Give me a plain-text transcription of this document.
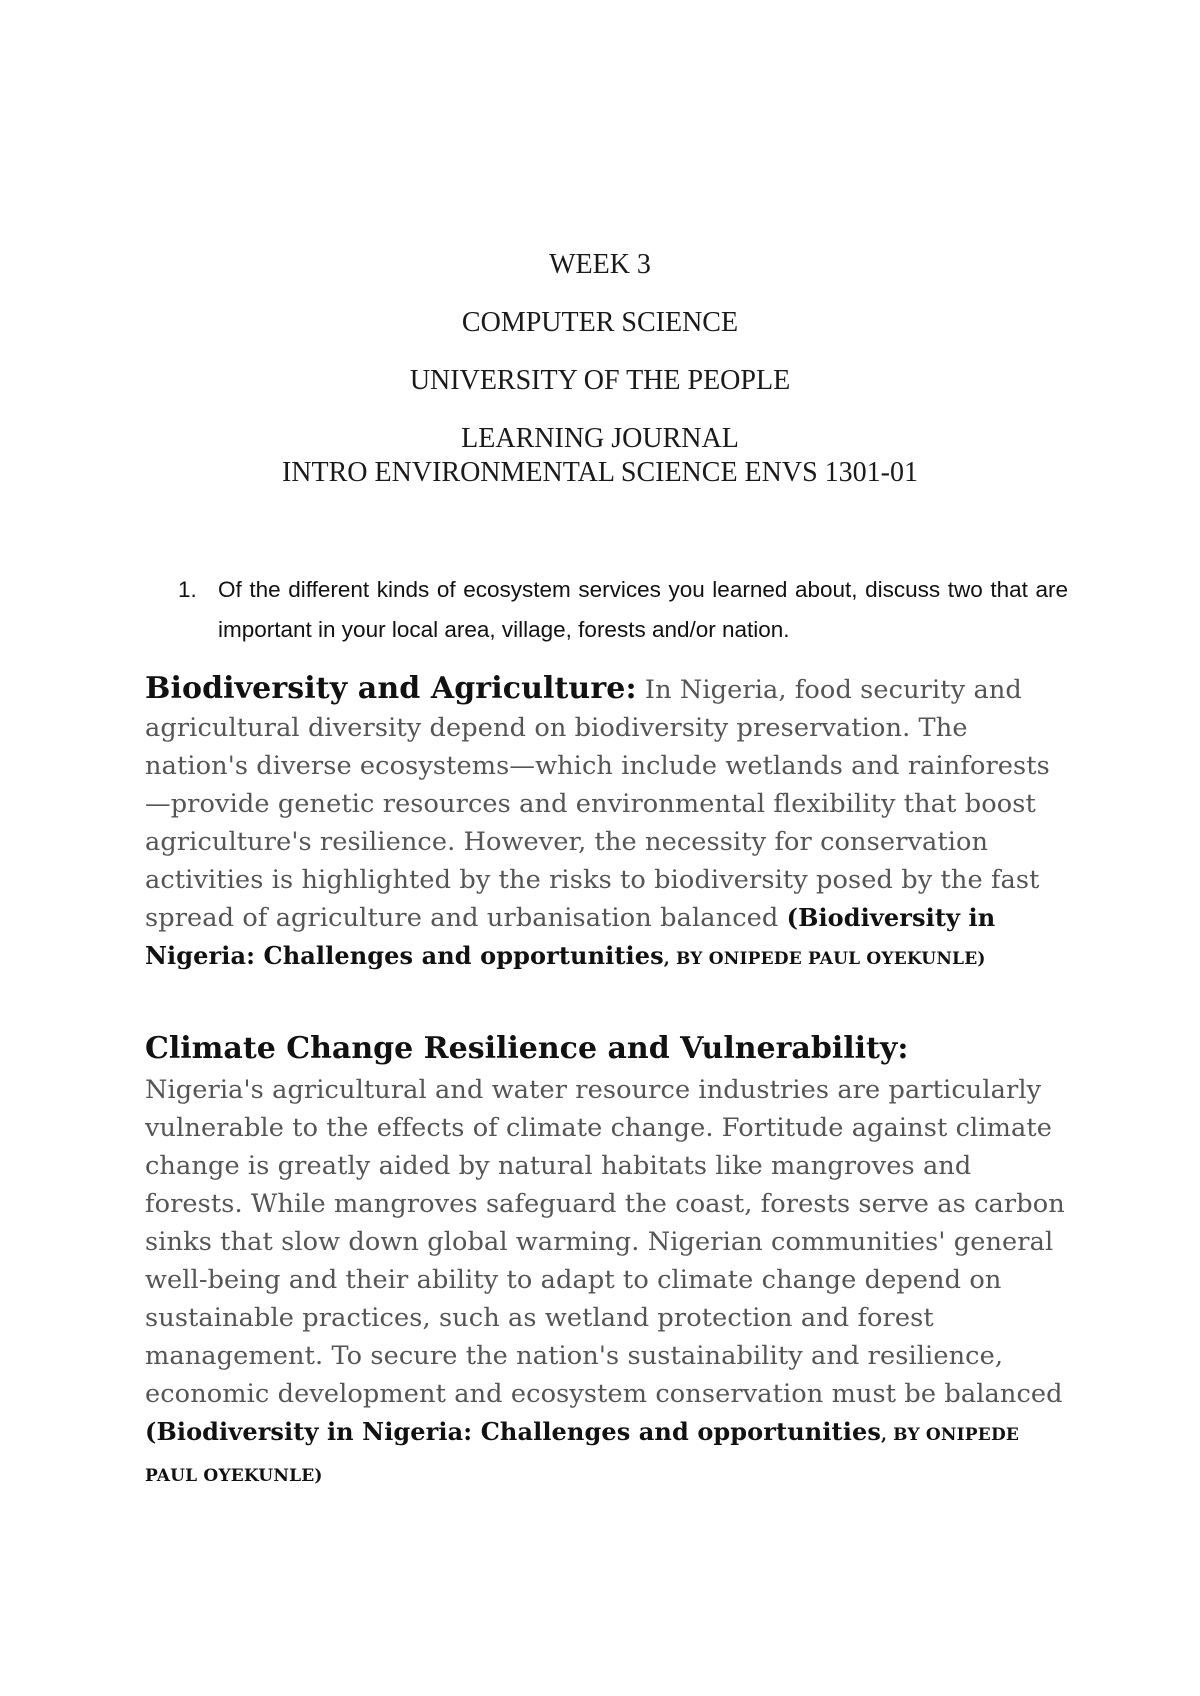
WEEK 3
COMPUTER SCIENCE
UNIVERSITY OF THE PEOPLE
LEARNING JOURNAL
INTRO ENVIRONMENTAL SCIENCE ENVS 1301-01
1. Of the different kinds of ecosystem services you learned about, discuss two that are important in your local area, village, forests and/or nation.
Biodiversity and Agriculture: In Nigeria, food security and agricultural diversity depend on biodiversity preservation. The nation's diverse ecosystems—which include wetlands and rainforests—provide genetic resources and environmental flexibility that boost agriculture's resilience. However, the necessity for conservation activities is highlighted by the risks to biodiversity posed by the fast spread of agriculture and urbanisation balanced (Biodiversity in Nigeria: Challenges and opportunities, BY ONIPEDE PAUL OYEKUNLE)
Climate Change Resilience and Vulnerability:
Nigeria's agricultural and water resource industries are particularly vulnerable to the effects of climate change. Fortitude against climate change is greatly aided by natural habitats like mangroves and forests. While mangroves safeguard the coast, forests serve as carbon sinks that slow down global warming. Nigerian communities' general well-being and their ability to adapt to climate change depend on sustainable practices, such as wetland protection and forest management. To secure the nation's sustainability and resilience, economic development and ecosystem conservation must be balanced (Biodiversity in Nigeria: Challenges and opportunities, BY ONIPEDE PAUL OYEKUNLE)
